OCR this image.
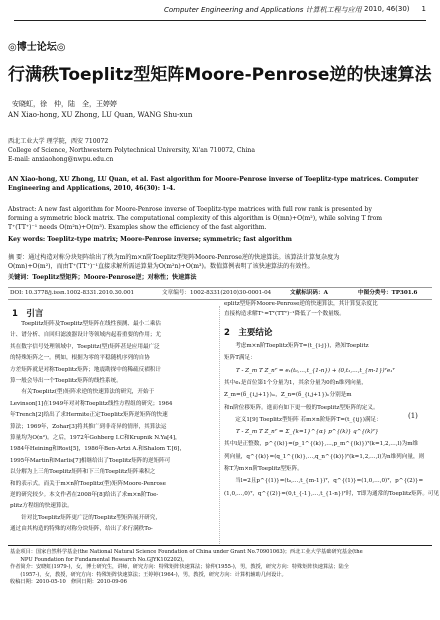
Computer Engineering and Applications 计算机工程与应用 2010, 46(30) 1
◎博士论坛◎
行满秩Toeplitz型矩阵Moore-Penrose逆的快速算法
安晓虹，徐　仲，陆　全，王婷婷
AN Xiao-hong, XU Zhong, LU Quan, WANG Shu-xun
西北工业大学 理学院，西安 710072
College of Science, Northwestern Polytechnical University, Xi'an 710072, China
E-mail: anxiaohong@nwpu.edu.cn
AN Xiao-hong, XU Zhong, LU Quan, et al. Fast algorithm for Moore-Penrose inverse of Toeplitz-type matrices. Computer
Engineering and Applications, 2010, 46(30): 1-4.
Abstract: A new fast algorithm for Moore-Penrose inverse of Toeplitz-type matrices with full row rank is presented by
forming a symmetric block matrix. The computational complexity of this algorithm is O(mn)+O(m²), while solving T from
T⁺(TT⁺)⁻¹ needs O(m²n)+O(m³). Examples show the efficiency of the fast algorithm.
Key words: Toeplitz-type matrix; Moore-Penrose inverse; symmetric; fast algorithm
摘 要：通过构造对称分块矩阵给出了秩为m的m×n阶Toeplitz型矩阵Moore-Penrose逆的快速算法。该算法计算复杂度为
O(mn)+O(m²)，而由T⁺(TT⁺)⁻¹直接求解所需运算量为O(m²n)+O(m³)。数值算例表明了该快速算法的有效性。
关键词：Toeplitz型矩阵；Moore-Penrose逆；对称性；快速算法
DOI: 10.3778/j.issn.1002-8331.2010.30.001	文章编号：1002-8331(2010)30-0001-04	文献标识码：A	中图分类号：TP301.6
1　引言
　　Toeplitz矩阵及Toeplitz型矩阵在线性预测、最小二乘估
计、谱分析、自回归滤波器设计等领域内起着重要的作用；尤
其在数字信号处理领域中，Toeplitz(型)矩阵甚是应用最广泛
的特殊矩阵之一。例如，根据为零的平稳随机序列的自协
方差矩阵就是对称Toeplitz矩阵；地震勘探中的稀疏反褶积计
算一般会导出一个Toeplitz矩阵的线性系统。
　　有关Toeplitz(型)矩阵求逆的快速算法的研究，开始于
Levinson[1]在1949年对对称Toeplitz线性方程组的研究；1964
年Trench[2]给出了求Hermite正定Toeplitz矩阵逆矩阵的快速
算法；1969年，Zohar[3]将其推广到非奇异的情形，其算法运
算量均为O(n²)。之后，1972年Gohberg I.C和Krupnik N.Ya[4]，
1984年Heining和Rost[5]，1986年Ben-Artzi A.和Shalom T.[6]，
1995年Martin和Marlis[7]相继给出了Toeplitz矩阵的逆矩阵可
以分解为上三角Toeplitz矩阵和下三角Toeplitz矩阵乘积之
和的表示式。而关于m×n阶Toeplitz(型)矩阵Moore-Penrose
逆的研究较少。本文作者在2008年[8]给出了求m×n阶Toe-
plitz方程组的快速算法。
　　针对比Toeplitz矩阵更广泛的Toeplitz型矩阵展开研究，
通过由其构造的特殊的对称分块矩阵，给出了求行满秩To-
eplitz型矩阵Moore-Penrose逆的快速算法，其计算复杂度比
直接构造求解T⁺=Tᵀ(TTᵀ)⁻¹降低了一个数量级。
2　主要结论
　　考虑m×n阶Toeplitz矩阵T=(t_{i-j})，熟知Toeplitz
矩阵T满足：
T - Z_m T Z_nᵀ = e₁(t₀,…,t_{1-n}) + (0,t₁,…,t_{m-1})ᵀe₁ᵀ
其中e₁是首位第1个分量为1，其余分量为0的n维列向量，
Z_m=(δ_{i,j+1})ₘ，Z_n=(δ_{i,j+1})ₙ分别是m
和n阶位移矩阵。進而有如下更一般的Toeplitz型矩阵的定义。
　　定义1[9] Toeplitz型矩阵 若m×n阶矩阵T=(t_{ij})满足：
T - Z_m T Z_nᵀ = Σ_{k=1}^{α} p^{(k)} q^{(k)ᵀ}
其中l是正整数，p^{(k)}=(p_1^{(k)},…,p_m^{(k)})ᵀ(k=1,2,…,l)为m维
列向量，q^{(k)}=(q_1^{(k)},…,q_n^{(k)})ᵀ(k=1,2,…,l)为n维列向量，则
称T为m×n阶Toeplitz型矩阵。
　　当l=2且p^{(1)}=(t₀,…,t_{m-1})ᵀ，q^{(1)}=(1,0,…,0)ᵀ，p^{(2)}=
(1,0,…,0)ᵀ，q^{(2)}=(0,t_{-1},…,t_{1-n})ᵀ时，T即为通常的Toeplitz矩阵。可见
(1)
基金项目：国家自然科学基金(the National Natural Science Foundation of China under Grant No.70901063)；西北工业大学基础研究基金(the
　　NPU Foundation for Fundamental Research No.GJYK102202)。
作者简介：安晓虹(1979-)，女，博士研究生，讲师，研究方向：特殊矩阵快速算法；徐仲(1955-)，男，教授，研究方向：特殊矩阵快速算法；陆全
　　(1957-)，女，教授，研究方向：特殊矩阵快速算法；王婷婷(1964-)，男，教授，研究方向：计算机辅助几何设计。
收稿日期：2010-05-10　修回日期：2010-09-06
